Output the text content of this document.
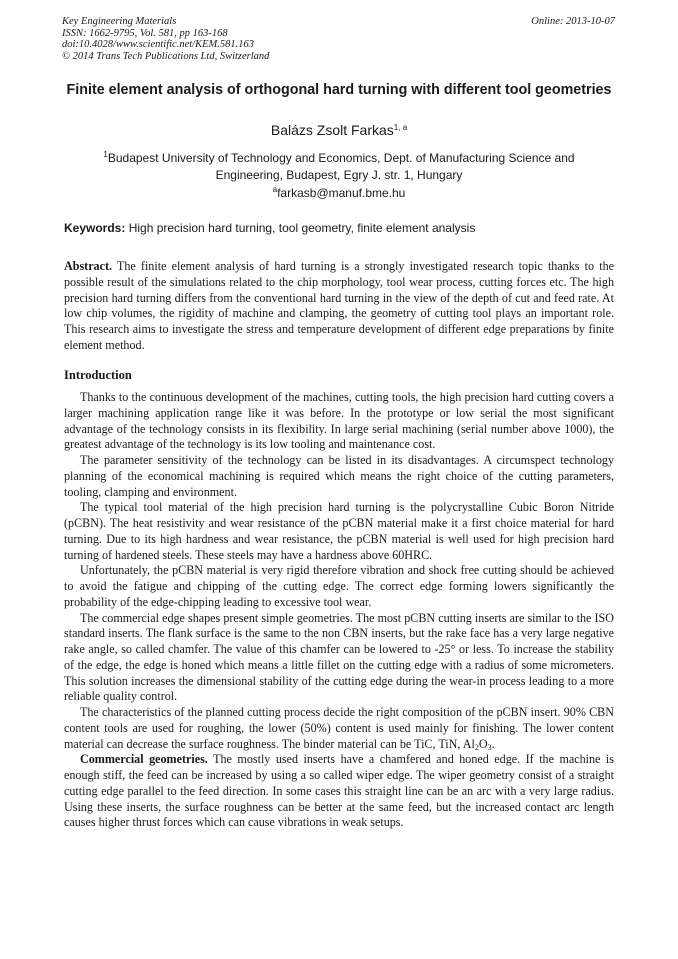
Key Engineering Materials
ISSN: 1662-9795, Vol. 581, pp 163-168
doi:10.4028/www.scientific.net/KEM.581.163
© 2014 Trans Tech Publications Ltd, Switzerland
Online: 2013-10-07
Finite element analysis of orthogonal hard turning with different tool geometries
Balázs Zsolt Farkas$^{1, a}$
$^1$Budapest University of Technology and Economics, Dept. of Manufacturing Science and Engineering, Budapest, Egry J. str. 1, Hungary
$^a$farkasb@manuf.bme.hu
Keywords: High precision hard turning, tool geometry, finite element analysis

Abstract. The finite element analysis of hard turning is a strongly investigated research topic thanks to the possible result of the simulations related to the chip morphology, tool wear process, cutting forces etc. The high precision hard turning differs from the conventional hard turning in the view of the depth of cut and feed rate. At low chip volumes, the rigidity of machine and clamping, the geometry of cutting tool plays an important role. This research aims to investigate the stress and temperature development of different edge preparations by finite element method.

Introduction

Thanks to the continuous development of the machines, cutting tools, the high precision hard cutting covers a larger machining application range like it was before. In the prototype or low serial the most significant advantage of the technology consists in its flexibility. In large serial machining (serial number above 1000), the greatest advantage of the technology is its low tooling and maintenance cost.

The parameter sensitivity of the technology can be listed in its disadvantages. A circumspect technology planning of the economical machining is required which means the right choice of the cutting parameters, tooling, clamping and environment.

The typical tool material of the high precision hard turning is the polycrystalline Cubic Boron Nitride (pCBN). The heat resistivity and wear resistance of the pCBN material make it a first choice material for hard turning. Due to its high hardness and wear resistance, the pCBN material is well used for high precision hard turning of hardened steels. These steels may have a hardness above 60HRC.

Unfortunately, the pCBN material is very rigid therefore vibration and shock free cutting should be achieved to avoid the fatigue and chipping of the cutting edge. The correct edge forming lowers significantly the probability of the edge-chipping leading to excessive tool wear.

The commercial edge shapes present simple geometries. The most pCBN cutting inserts are similar to the ISO standard inserts. The flank surface is the same to the non CBN inserts, but the rake face has a very large negative rake angle, so called chamfer. The value of this chamfer can be lowered to -25° or less. To increase the stability of the edge, the edge is honed which means a little fillet on the cutting edge with a radius of some micrometers. This solution increases the dimensional stability of the cutting edge during the wear-in process leading to a more reliable quality control.

The characteristics of the planned cutting process decide the right composition of the pCBN insert. 90% CBN content tools are used for roughing, the lower (50%) content is used mainly for finishing. The lower content material can decrease the surface roughness. The binder material can be TiC, TiN, $Al_2O_3$.

Commercial geometries. The mostly used inserts have a chamfered and honed edge. If the machine is enough stiff, the feed can be increased by using a so called wiper edge. The wiper geometry consist of a straight cutting edge parallel to the feed direction. In some cases this straight line can be an arc with a very large radius. Using these inserts, the surface roughness can be better at the same feed, but the increased contact arc length causes higher thrust forces which can cause vibrations in weak setups.
